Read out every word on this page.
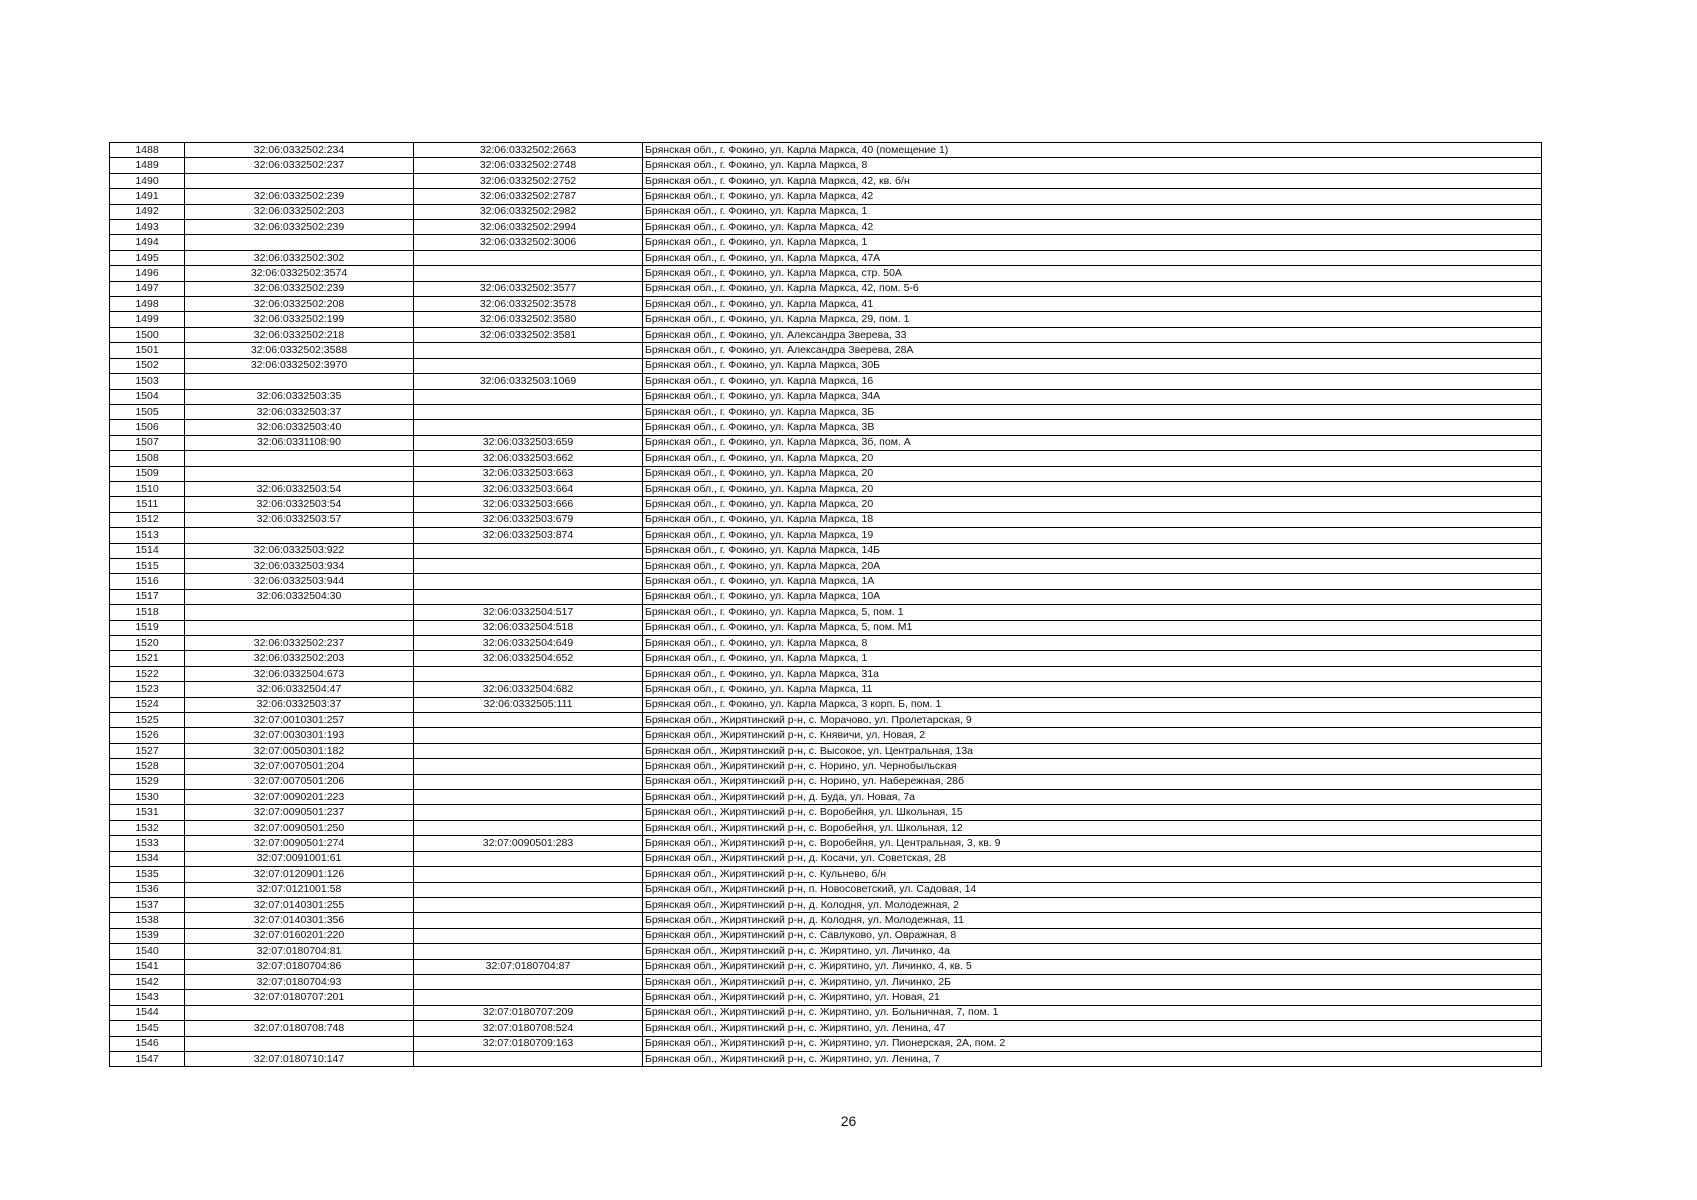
1488	32:06:0332502:234	32:06:0332502:2663	Брянская обл., г. Фокино, ул. Карла Маркса, 40 (помещение 1)
1489	32:06:0332502:237	32:06:0332502:2748	Брянская обл., г. Фокино, ул. Карла Маркса, 8
1490		32:06:0332502:2752	Брянская обл., г. Фокино, ул. Карла Маркса, 42, кв. б/н
1491	32:06:0332502:239	32:06:0332502:2787	Брянская обл., г. Фокино, ул. Карла Маркса, 42
1492	32:06:0332502:203	32:06:0332502:2982	Брянская обл., г. Фокино, ул. Карла Маркса, 1
1493	32:06:0332502:239	32:06:0332502:2994	Брянская обл., г. Фокино, ул. Карла Маркса, 42
1494		32:06:0332502:3006	Брянская обл., г. Фокино, ул. Карла Маркса, 1
1495	32:06:0332502:302		Брянская обл., г. Фокино, ул. Карла Маркса, 47А
1496	32:06:0332502:3574		Брянская обл., г. Фокино, ул. Карла Маркса, стр. 50А
1497	32:06:0332502:239	32:06:0332502:3577	Брянская обл., г. Фокино, ул. Карла Маркса, 42, пом. 5-6
1498	32:06:0332502:208	32:06:0332502:3578	Брянская обл., г. Фокино, ул. Карла Маркса, 41
1499	32:06:0332502:199	32:06:0332502:3580	Брянская обл., г. Фокино, ул. Карла Маркса, 29, пом. 1
1500	32:06:0332502:218	32:06:0332502:3581	Брянская обл., г. Фокино, ул. Александра Зверева, 33
1501	32:06:0332502:3588		Брянская обл., г. Фокино, ул. Александра Зверева, 28А
1502	32:06:0332502:3970		Брянская обл., г. Фокино, ул. Карла Маркса, 30Б
1503		32:06:0332503:1069	Брянская обл., г. Фокино, ул. Карла Маркса, 16
1504	32:06:0332503:35		Брянская обл., г. Фокино, ул. Карла Маркса, 34А
1505	32:06:0332503:37		Брянская обл., г. Фокино, ул. Карла Маркса, 3Б
1506	32:06:0332503:40		Брянская обл., г. Фокино, ул. Карла Маркса, 3В
1507	32:06:0331108:90	32:06:0332503:659	Брянская обл., г. Фокино, ул. Карла Маркса, 3б, пом. А
1508		32:06:0332503:662	Брянская обл., г. Фокино, ул. Карла Маркса, 20
1509		32:06:0332503:663	Брянская обл., г. Фокино, ул. Карла Маркса, 20
1510	32:06:0332503:54	32:06:0332503:664	Брянская обл., г. Фокино, ул. Карла Маркса, 20
1511	32:06:0332503:54	32:06:0332503:666	Брянская обл., г. Фокино, ул. Карла Маркса, 20
1512	32:06:0332503:57	32:06:0332503:679	Брянская обл., г. Фокино, ул. Карла Маркса, 18
1513		32:06:0332503:874	Брянская обл., г. Фокино, ул. Карла Маркса, 19
1514	32:06:0332503:922		Брянская обл., г. Фокино, ул. Карла Маркса, 14Б
1515	32:06:0332503:934		Брянская обл., г. Фокино, ул. Карла Маркса, 20А
1516	32:06:0332503:944		Брянская обл., г. Фокино, ул. Карла Маркса, 1А
1517	32:06:0332504:30		Брянская обл., г. Фокино, ул. Карла Маркса, 10А
1518		32:06:0332504:517	Брянская обл., г. Фокино, ул. Карла Маркса, 5, пом. 1
1519		32:06:0332504:518	Брянская обл., г. Фокино, ул. Карла Маркса, 5, пом. М1
1520	32:06:0332502:237	32:06:0332504:649	Брянская обл., г. Фокино, ул. Карла Маркса, 8
1521	32:06:0332502:203	32:06:0332504:652	Брянская обл., г. Фокино, ул. Карла Маркса, 1
1522	32:06:0332504:673		Брянская обл., г. Фокино, ул. Карла Маркса, 31а
1523	32:06:0332504:47	32:06:0332504:682	Брянская обл., г. Фокино, ул. Карла Маркса, 11
1524	32:06:0332503:37	32:06:0332505:111	Брянская обл., г. Фокино, ул. Карла Маркса, 3 корп. Б, пом. 1
1525	32:07:0010301:257		Брянская обл., Жирятинский р-н, с. Морачово, ул. Пролетарская, 9
1526	32:07:0030301:193		Брянская обл., Жирятинский р-н, с. Княвичи, ул. Новая, 2
1527	32:07:0050301:182		Брянская обл., Жирятинский р-н, с. Высокое, ул. Центральная, 13а
1528	32:07:0070501:204		Брянская обл., Жирятинский р-н, с. Норино, ул. Чернобыльская
1529	32:07:0070501:206		Брянская обл., Жирятинский р-н, с. Норино, ул. Набережная, 28б
1530	32:07:0090201:223		Брянская обл., Жирятинский р-н, д. Буда, ул. Новая, 7а
1531	32:07:0090501:237		Брянская обл., Жирятинский р-н, с. Воробейня, ул. Школьная, 15
1532	32:07:0090501:250		Брянская обл., Жирятинский р-н, с. Воробейня, ул. Школьная, 12
1533	32:07:0090501:274	32:07:0090501:283	Брянская обл., Жирятинский р-н, с. Воробейня, ул. Центральная, 3, кв. 9
1534	32:07:0091001:61		Брянская обл., Жирятинский р-н, д. Косачи, ул. Советская, 28
1535	32:07:0120901:126		Брянская обл., Жирятинский р-н, с. Кульнево, б/н
1536	32:07:0121001:58		Брянская обл., Жирятинский р-н, п. Новосоветский, ул. Садовая, 14
1537	32:07:0140301:255		Брянская обл., Жирятинский р-н, д. Колодня, ул. Молодежная, 2
1538	32:07:0140301:356		Брянская обл., Жирятинский р-н, д. Колодня, ул. Молодежная, 11
1539	32:07:0160201:220		Брянская обл., Жирятинский р-н, с. Савлуково, ул. Овражная, 8
1540	32:07:0180704:81		Брянская обл., Жирятинский р-н, с. Жирятино, ул. Личинко, 4а
1541	32:07:0180704:86	32:07:0180704:87	Брянская обл., Жирятинский р-н, с. Жирятино, ул. Личинко, 4, кв. 5
1542	32:07:0180704:93		Брянская обл., Жирятинский р-н, с. Жирятино, ул. Личинко, 2Б
1543	32:07:0180707:201		Брянская обл., Жирятинский р-н, с. Жирятино, ул. Новая, 21
1544		32:07:0180707:209	Брянская обл., Жирятинский р-н, с. Жирятино, ул. Больничная, 7, пом. 1
1545	32:07:0180708:748	32:07:0180708:524	Брянская обл., Жирятинский р-н, с. Жирятино, ул. Ленина, 47
1546		32:07:0180709:163	Брянская обл., Жирятинский р-н, с. Жирятино, ул. Пионерская, 2А, пом. 2
1547	32:07:0180710:147		Брянская обл., Жирятинский р-н, с. Жирятино, ул. Ленина, 7
26
